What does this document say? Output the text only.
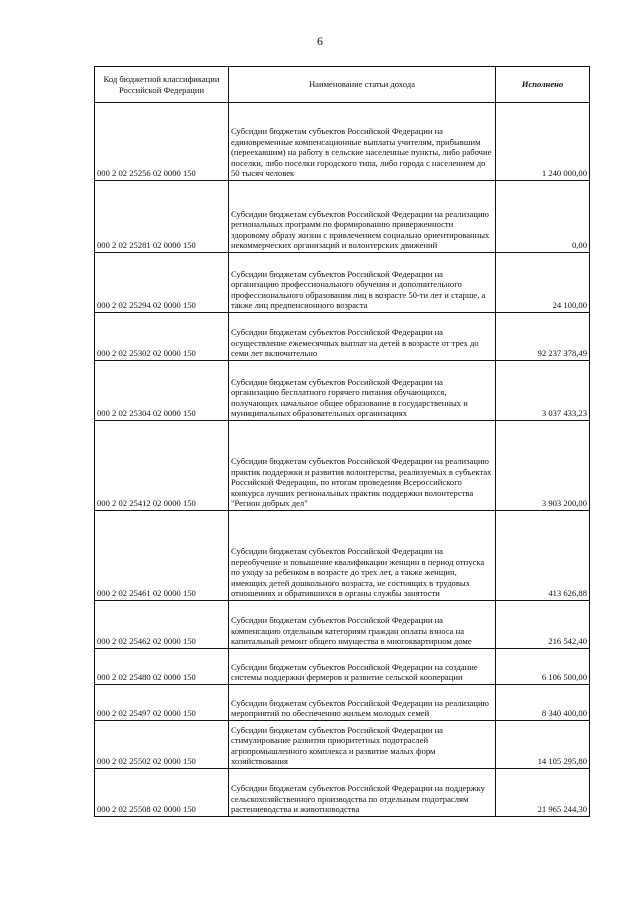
6
Код бюджетной классификации Российской Федерации	Наименование статьи дохода	Исполнено
000 2 02 25256 02 0000 150	Субсидии бюджетам субъектов Российской Федерации на единовременные компенсационные выплаты учителям, прибывшим (переехавшим) на работу в сельские населенные пункты, либо рабочие поселки, либо поселки городского типа, либо города с населением до 50 тысяч человек	1 240 000,00
000 2 02 25281 02 0000 150	Субсидии бюджетам субъектов Российской Федерации на реализацию региональных программ по формированию приверженности здоровому образу жизни с привлечением социально ориентированных некоммерческих организаций и волонтерских движений	0,00
000 2 02 25294 02 0000 150	Субсидии бюджетам субъектов Российской Федерации на организацию профессионального обучения и дополнительного профессионального образования лиц в возрасте 50-ти лет и старше, а также лиц предпенсионного возраста	24 100,00
000 2 02 25302 02 0000 150	Субсидии бюджетам субъектов Российской Федерации на осуществление ежемесячных выплат на детей в возрасте от трех до семи лет включительно	92 237 378,49
000 2 02 25304 02 0000 150	Субсидии бюджетам субъектов Российской Федерации на организацию бесплатного горячего питания обучающихся, получающих начальное общее образование в государственных и муниципальных образовательных организациях	3 037 433,23
000 2 02 25412 02 0000 150	Субсидии бюджетам субъектов Российской Федерации на реализацию практик поддержки и развития волонтерства, реализуемых в субъектах Российской Федерации, по итогам проведения Всероссийского конкурса лучших региональных практик поддержки волонтерства "Регион добрых дел"	3 903 200,00
000 2 02 25461 02 0000 150	Субсидии бюджетам субъектов Российской Федерации на переобучение и повышение квалификации женщин в период отпуска по уходу за ребенком в возрасте до трех лет, а также женщин, имеющих детей дошкольного возраста, не состоящих в трудовых отношениях и обратившихся в органы службы занятости	413 626,88
000 2 02 25462 02 0000 150	Субсидии бюджетам субъектов Российской Федерации на компенсацию отдельным категориям граждан оплаты взноса на капитальный ремонт общего имущества в многоквартирном доме	216 542,40
000 2 02 25480 02 0000 150	Субсидии бюджетам субъектов Российской Федерации на создание системы поддержки фермеров и развитие сельской кооперации	6 106 500,00
000 2 02 25497 02 0000 150	Субсидии бюджетам субъектов Российской Федерации на реализацию мероприятий по обеспечению жильем молодых семей	8 340 400,00
000 2 02 25502 02 0000 150	Субсидии бюджетам субъектов Российской Федерации на стимулирование развития приоритетных подотраслей агропромышленного комплекса и развитие малых форм хозяйствования	14 105 295,80
000 2 02 25508 02 0000 150	Субсидии бюджетам субъектов Российской Федерации на поддержку сельскохозяйственного производства по отдельным подотраслям растениеводства и животноводства	21 965 244,30
